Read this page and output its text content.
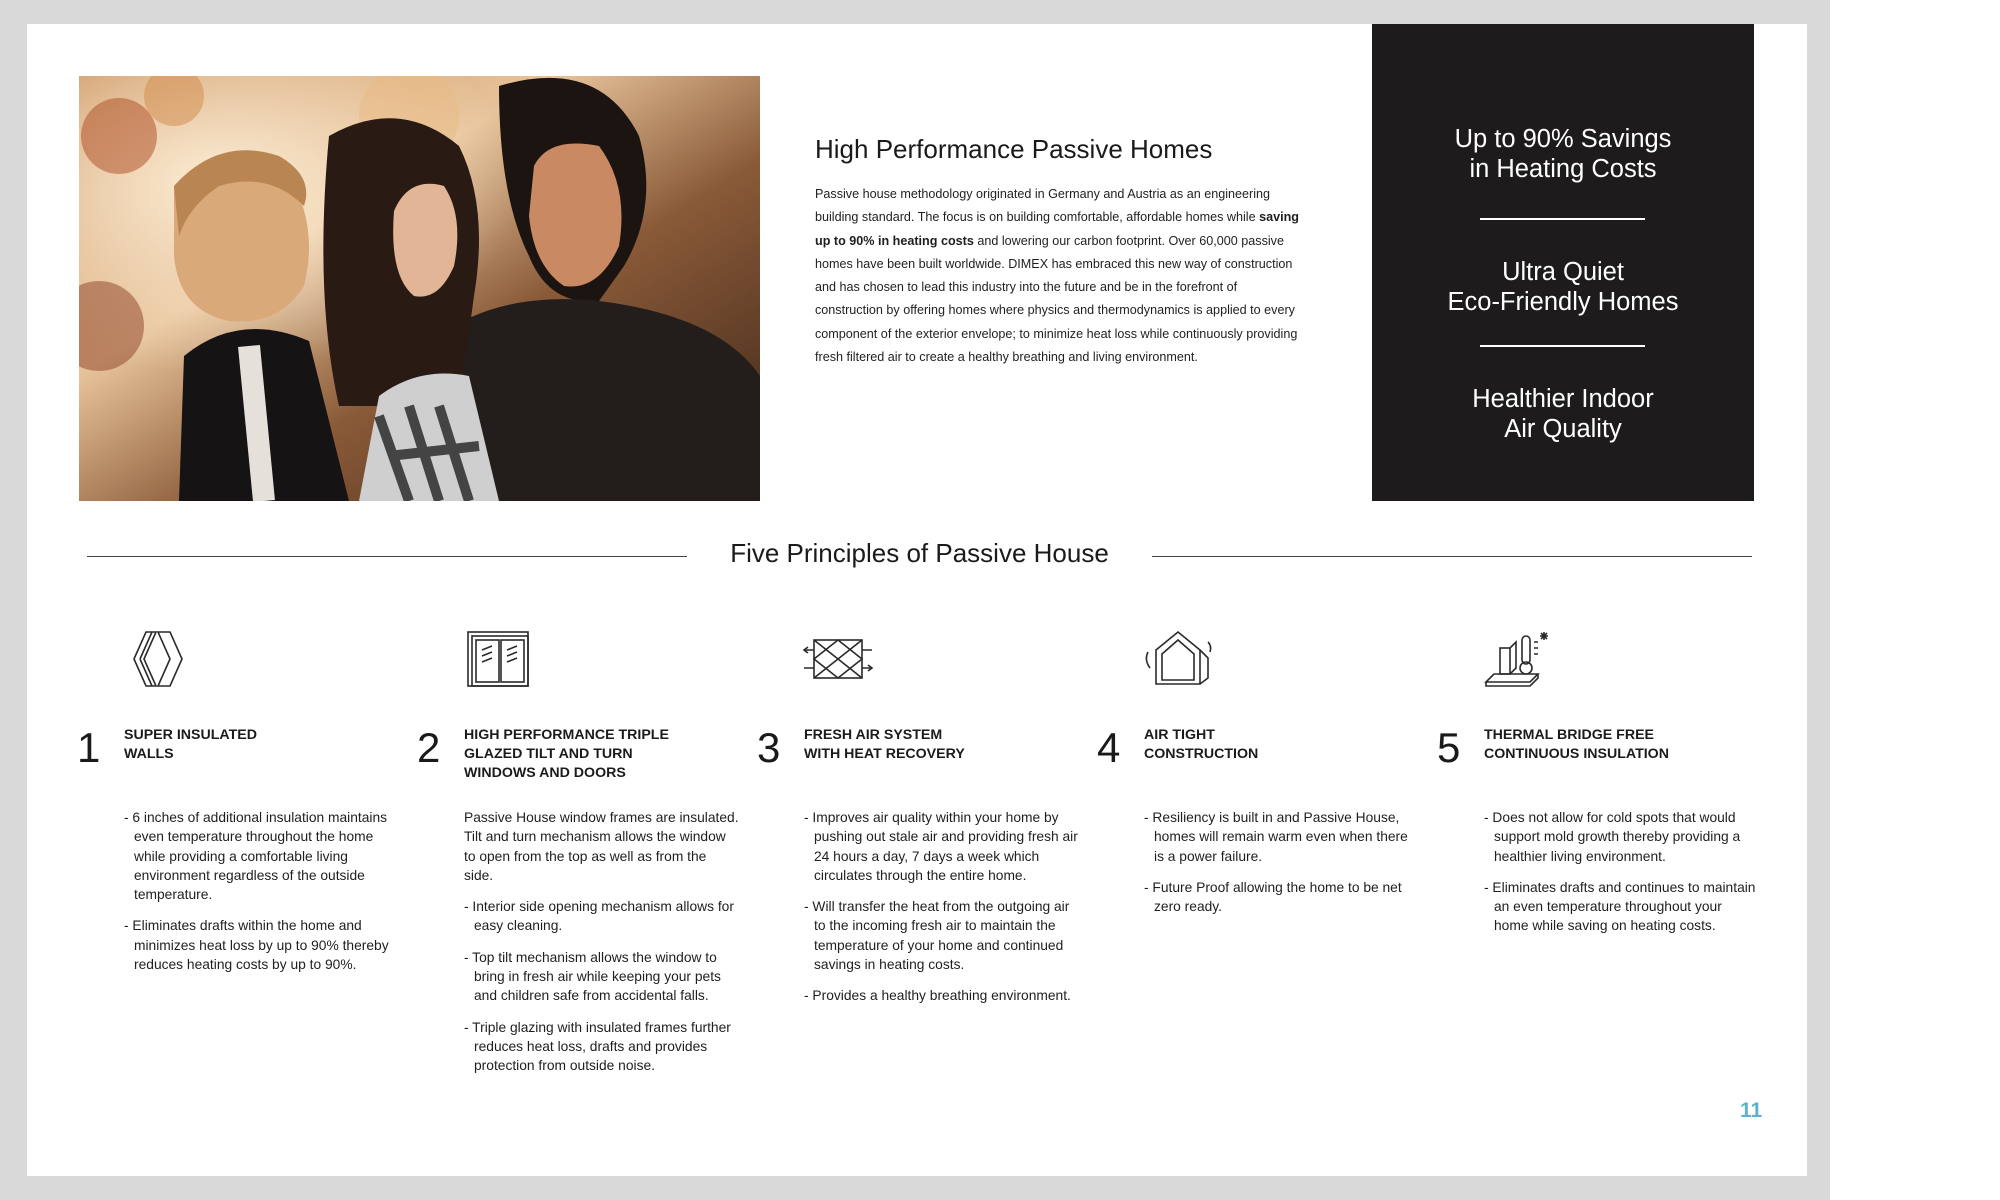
High Performance Passive Homes

Passive house methodology originated in Germany and Austria as an engineering building standard. The focus is on building comfortable, affordable homes while saving up to 90% in heating costs and lowering our carbon footprint. Over 60,000 passive homes have been built worldwide. DIMEX has embraced this new way of construction and has chosen to lead this industry into the future and be in the forefront of construction by offering homes where physics and thermodynamics is applied to every component of the exterior envelope; to minimize heat loss while continuously providing fresh filtered air to create a healthy breathing and living environment.

Up to 90% Savings
in Heating Costs
Ultra Quiet
Eco-Friendly Homes
Healthier Indoor
Air Quality
Five Principles of Passive House
1 SUPER INSULATED
WALLS
- 6 inches of additional insulation maintains even temperature throughout the home while providing a comfortable living environment regardless of the outside temperature.
- Eliminates drafts within the home and minimizes heat loss by up to 90% thereby reduces heating costs by up to 90%.
2 HIGH PERFORMANCE TRIPLE
GLAZED TILT AND TURN
WINDOWS AND DOORS

Passive House window frames are insulated. Tilt and turn mechanism allows the window to open from the top as well as from the side.

- Interior side opening mechanism allows for easy cleaning.
- Top tilt mechanism allows the window to bring in fresh air while keeping your pets and children safe from accidental falls.
- Triple glazing with insulated frames further reduces heat loss, drafts and provides protection from outside noise.
3 FRESH AIR SYSTEM
WITH HEAT RECOVERY
- Improves air quality within your home by pushing out stale air and providing fresh air 24 hours a day, 7 days a week which circulates through the entire home.
- Will transfer the heat from the outgoing air to the incoming fresh air to maintain the temperature of your home and continued savings in heating costs.
- Provides a healthy breathing environment.
4 AIR TIGHT
CONSTRUCTION
- Resiliency is built in and Passive House, homes will remain warm even when there is a power failure.
- Future Proof allowing the home to be net zero ready.
5 THERMAL BRIDGE FREE
CONTINUOUS INSULATION
- Does not allow for cold spots that would support mold growth thereby providing a healthier living environment.
- Eliminates drafts and continues to maintain an even temperature throughout your home while saving on heating costs.
11
